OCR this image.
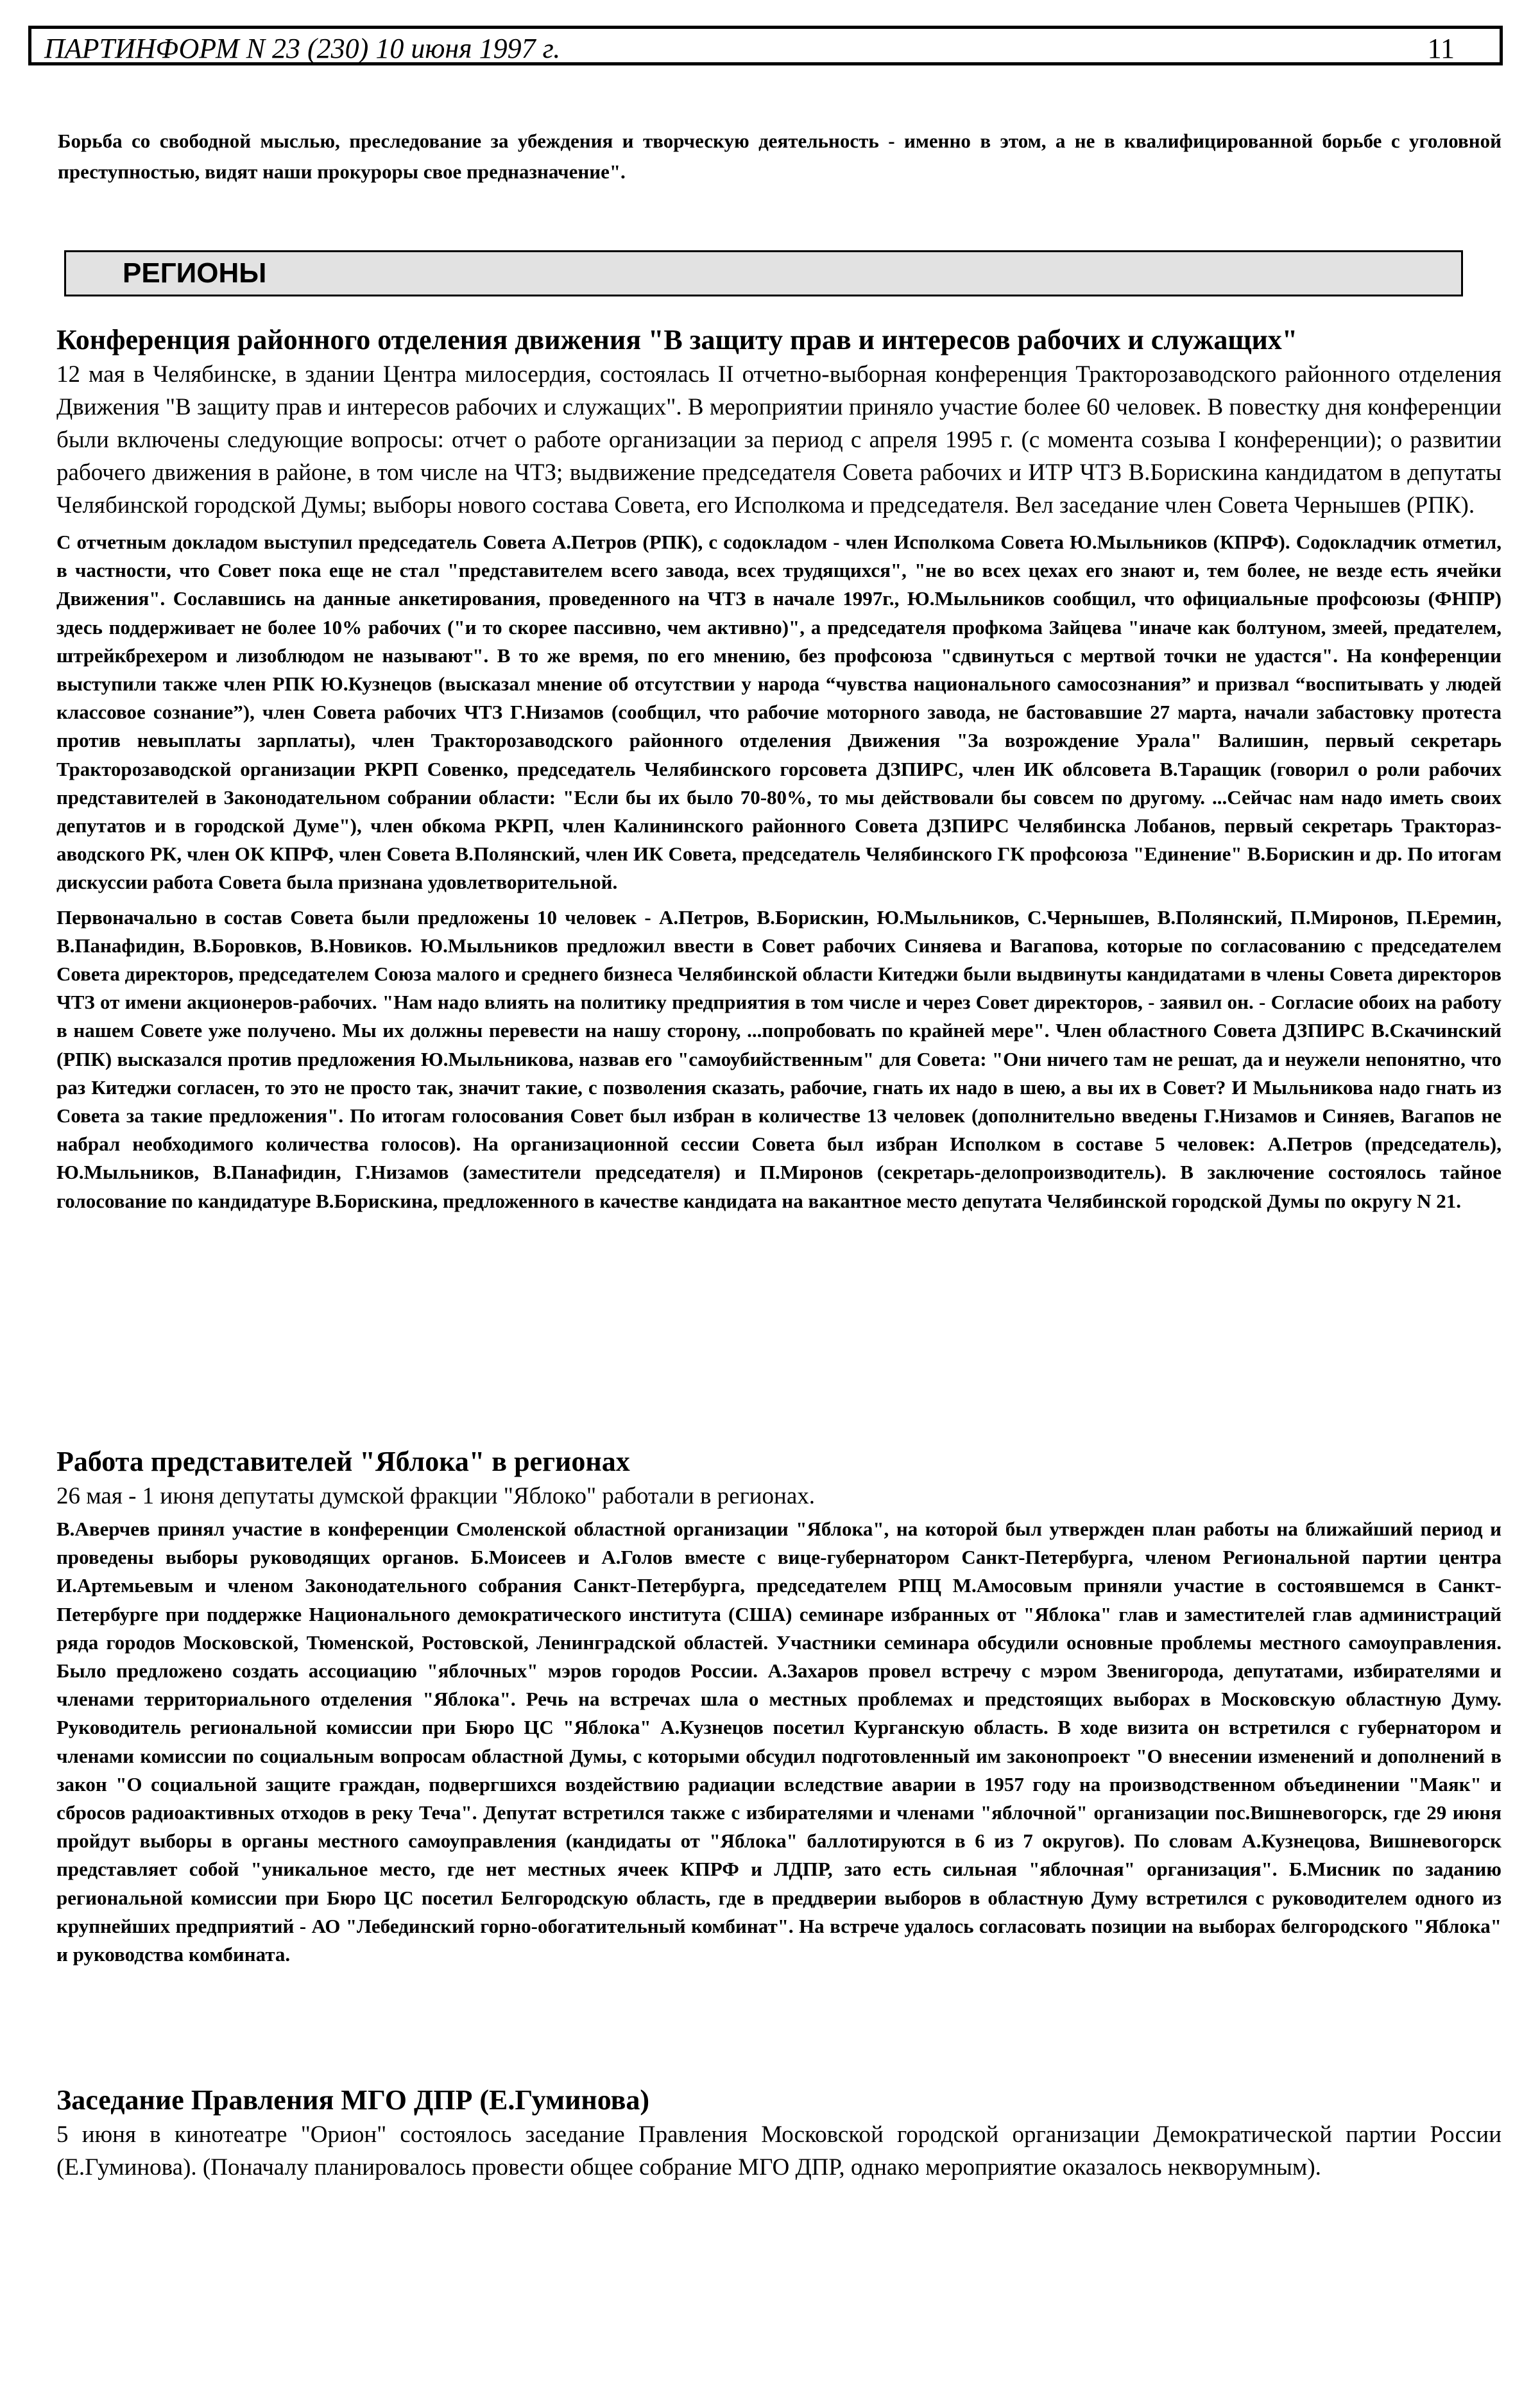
ПАРТИНФОРМ N 23 (230) 10 июня 1997 г.	11

Борьба со свободной мыслью, преследование за убеждения и творческую деятельность - именно в этом, а не в квалифицированной борьбе с уголовной преступностью, видят наши прокуроры свое предназначение".

РЕГИОНЫ
Конференция районного отделения движения "В защиту прав и интересов рабочих и служащих"

12 мая в Челябинске, в здании Центра милосердия, состоялась II отчетно-выборная конференция Тракторозаводского районного отделения Движения "В защиту прав и интересов рабочих и служащих". В мероприятии приняло участие более 60 человек. В повестку дня конференции были включены следующие вопросы: отчет о работе организации за период с апреля 1995 г. (с момента созыва I конференции); о развитии рабочего движения в районе, в том числе на ЧТЗ; выдвижение председателя Совета рабочих и ИТР ЧТЗ В.Борискина кандидатом в депутаты Челябинской городской Думы; выборы нового состава Совета, его Исполкома и председателя. Вел заседание член Совета Чернышев (РПК).

С отчетным докладом выступил председатель Совета А.Петров (РПК), с содокладом - член Исполкома Совета Ю.Мыльников (КПРФ). Содокладчик отметил, в частности, что Совет пока еще не стал "представителем всего завода, всех трудящихся", "не во всех цехах его знают и, тем более, не везде есть ячейки Движения". Сославшись на данные анкетирования, проведенного на ЧТЗ в начале 1997г., Ю.Мыльников сообщил, что официальные профсоюзы (ФНПР) здесь поддерживает не более 10% рабочих ("и то скорее пассивно, чем активно)", а председателя профкома Зайцева "иначе как болтуном, змеей, предателем, штрейкбрехером и лизоблюдом не называют". В то же время, по его мнению, без профсоюза "сдвинуться с мертвой точки не удастся". На конференции выступили также член РПК Ю.Кузнецов (высказал мнение об отсутствии у народа “чувства национального самосознания” и призвал “воспитывать у людей классовое сознание”), член Совета рабочих ЧТЗ Г.Низамов (сообщил, что рабочие моторного завода, не бастовавшие 27 марта, начали забастовку протеста против невыплаты зарплаты), член Тракторозаводского районного отделения Движения "За возрождение Урала" Валишин, первый секретарь Тракторозаводской организации РКРП Совенко, председатель Челябинского горсовета ДЗПИРС, член ИК облсовета В.Таращик (говорил о роли рабочих представителей в Законодательном собрании области: "Если бы их было 70-80%, то мы действовали бы совсем по другому. ...Сейчас нам надо иметь своих депутатов и в городской Думе"), член обкома РКРП, член Калининского районного Совета ДЗПИРС Челябинска Лобанов, первый секретарь Тракторазаводского РК, член ОК КПРФ, член Совета В.Полянский, член ИК Совета, председатель Челябинского ГК профсоюза "Единение" В.Борискин и др. По итогам дискуссии работа Совета была признана удовлетворительной.

Первоначально в состав Совета были предложены 10 человек - А.Петров, В.Борискин, Ю.Мыльников, С.Чернышев, В.Полянский, П.Миронов, П.Еремин, В.Панафидин, В.Боровков, В.Новиков. Ю.Мыльников предложил ввести в Совет рабочих Синяева и Вагапова, которые по согласованию с председателем Совета директоров, председателем Союза малого и среднего бизнеса Челябинской области Китеджи были выдвинуты кандидатами в члены Совета директоров ЧТЗ от имени акционеров-рабочих. "Нам надо влиять на политику предприятия в том числе и через Совет директоров, - заявил он. - Согласие обоих на работу в нашем Совете уже получено. Мы их должны перевести на нашу сторону, ...попробовать по крайней мере". Член областного Совета ДЗПИРС В.Скачинский (РПК) высказался против предложения Ю.Мыльникова, назвав его "самоубийственным" для Совета: "Они ничего там не решат, да и неужели непонятно, что раз Китеджи согласен, то это не просто так, значит такие, с позволения сказать, рабочие, гнать их надо в шею, а вы их в Совет? И Мыльникова надо гнать из Совета за такие предложения". По итогам голосования Совет был избран в количестве 13 человек (дополнительно введены Г.Низамов и Синяев, Вагапов не набрал необходимого количества голосов). На организационной сессии Совета был избран Исполком в составе 5 человек: А.Петров (председатель), Ю.Мыльников, В.Панафидин, Г.Низамов (заместители председателя) и П.Миронов (секретарь-делопроизводитель). В заключение состоялось тайное голосование по кандидатуре В.Борискина, предложенного в качестве кандидата на вакантное место депутата Челябинской городской Думы по округу N 21.

Работа представителей "Яблока" в регионах

26 мая - 1 июня депутаты думской фракции "Яблоко" работали в регионах.

В.Аверчев принял участие в конференции Смоленской областной организации "Яблока", на которой был утвержден план работы на ближайший период и проведены выборы руководящих органов. Б.Моисеев и А.Голов вместе с вице-губернатором Санкт-Петербурга, членом Региональной партии центра И.Артемьевым и членом Законодательного собрания Санкт-Петербурга, председателем РПЦ М.Амосовым приняли участие в состоявшемся в Санкт-Петербурге при поддержке Национального демократического института (США) семинаре избранных от "Яблока" глав и заместителей глав администраций ряда городов Московской, Тюменской, Ростовской, Ленинградской областей. Участники семинара обсудили основные проблемы местного самоуправления. Было предложено создать ассоциацию "яблочных" мэров городов России. А.Захаров провел встречу с мэром Звенигорода, депутатами, избирателями и членами территориального отделения "Яблока". Речь на встречах шла о местных проблемах и предстоящих выборах в Московскую областную Думу. Руководитель региональной комиссии при Бюро ЦС "Яблока" А.Кузнецов посетил Курганскую область. В ходе визита он встретился с губернатором и членами комиссии по социальным вопросам областной Думы, с которыми обсудил подготовленный им законопроект "О внесении изменений и дополнений в закон "О социальной защите граждан, подвергшихся воздействию радиации вследствие аварии в 1957 году на производственном объединении "Маяк" и сбросов радиоактивных отходов в реку Теча". Депутат встретился также с избирателями и членами "яблочной" организации пос.Вишневогорск, где 29 июня пройдут выборы в органы местного самоуправления (кандидаты от "Яблока" баллотируются в 6 из 7 округов). По словам А.Кузнецова, Вишневогорск представляет собой "уникальное место, где нет местных ячеек КПРФ и ЛДПР, зато есть сильная "яблочная" организация". Б.Мисник по заданию региональной комиссии при Бюро ЦС посетил Белгородскую область, где в преддверии выборов в областную Думу встретился с руководителем одного из крупнейших предприятий - АО "Лебединский горно-обогатительный комбинат". На встрече удалось согласовать позиции на выборах белгородского "Яблока" и руководства комбината.

Заседание Правления МГО ДПР (Е.Гуминова)

5 июня в кинотеатре "Орион" состоялось заседание Правления Московской городской организации Демократической партии России (Е.Гуминова). (Поначалу планировалось провести общее собрание МГО ДПР, однако мероприятие оказалось некворумным).
